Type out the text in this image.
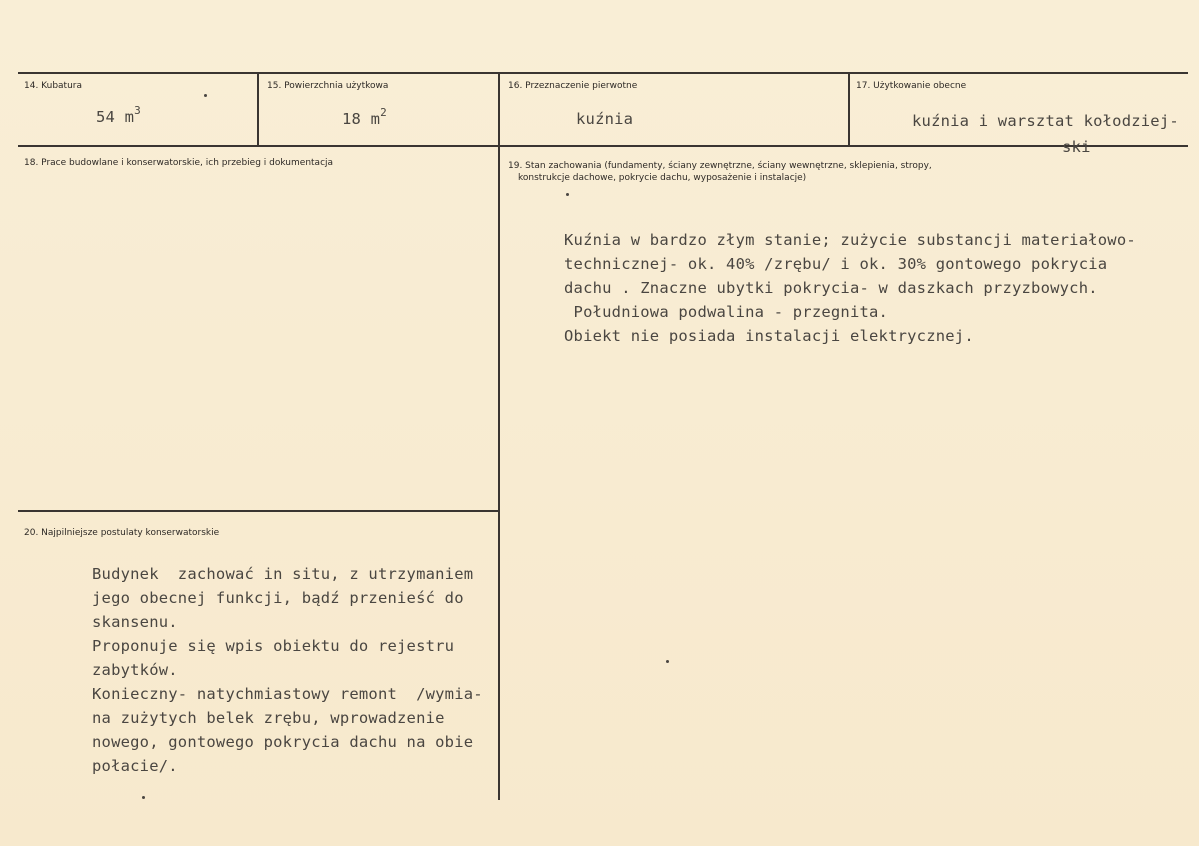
14. Kubatura
54 $m^3$
15. Powierzchnia użytkowa
18 $m^2$
16. Przeznaczenie pierwotne
kuźnia
17. Użytkowanie obecne
kuźnia i warsztat kołodziej-
ski
18. Prace budowlane i konserwatorskie, ich przebieg i dokumentacja	19. Stan zachowania (fundamenty, ściany zewnętrzne, ściany wewnętrzne, sklepienia, stropy,
konstrukcje dachowe, pokrycie dachu, wyposażenie i instalacje)
Kuźnia w bardzo złym stanie; zużycie substancji materiałowo-
technicznej- ok. 40% /zrębu/ i ok. 30% gontowego pokrycia
dachu . Znaczne ubytki pokrycia- w daszkach przyzbowych.
Południowa podwalina - przegnita.
Obiekt nie posiada instalacji elektrycznej.
20. Najpilniejsze postulaty konserwatorskie
Budynek  zachować in situ, z utrzymaniem
jego obecnej funkcji, bądź przenieść do
skansenu.
Proponuje się wpis obiektu do rejestru
zabytków.
Konieczny- natychmiastowy remont  /wymia-
na zużytych belek zrębu, wprowadzenie
nowego, gontowego pokrycia dachu na obie
połacie/.
